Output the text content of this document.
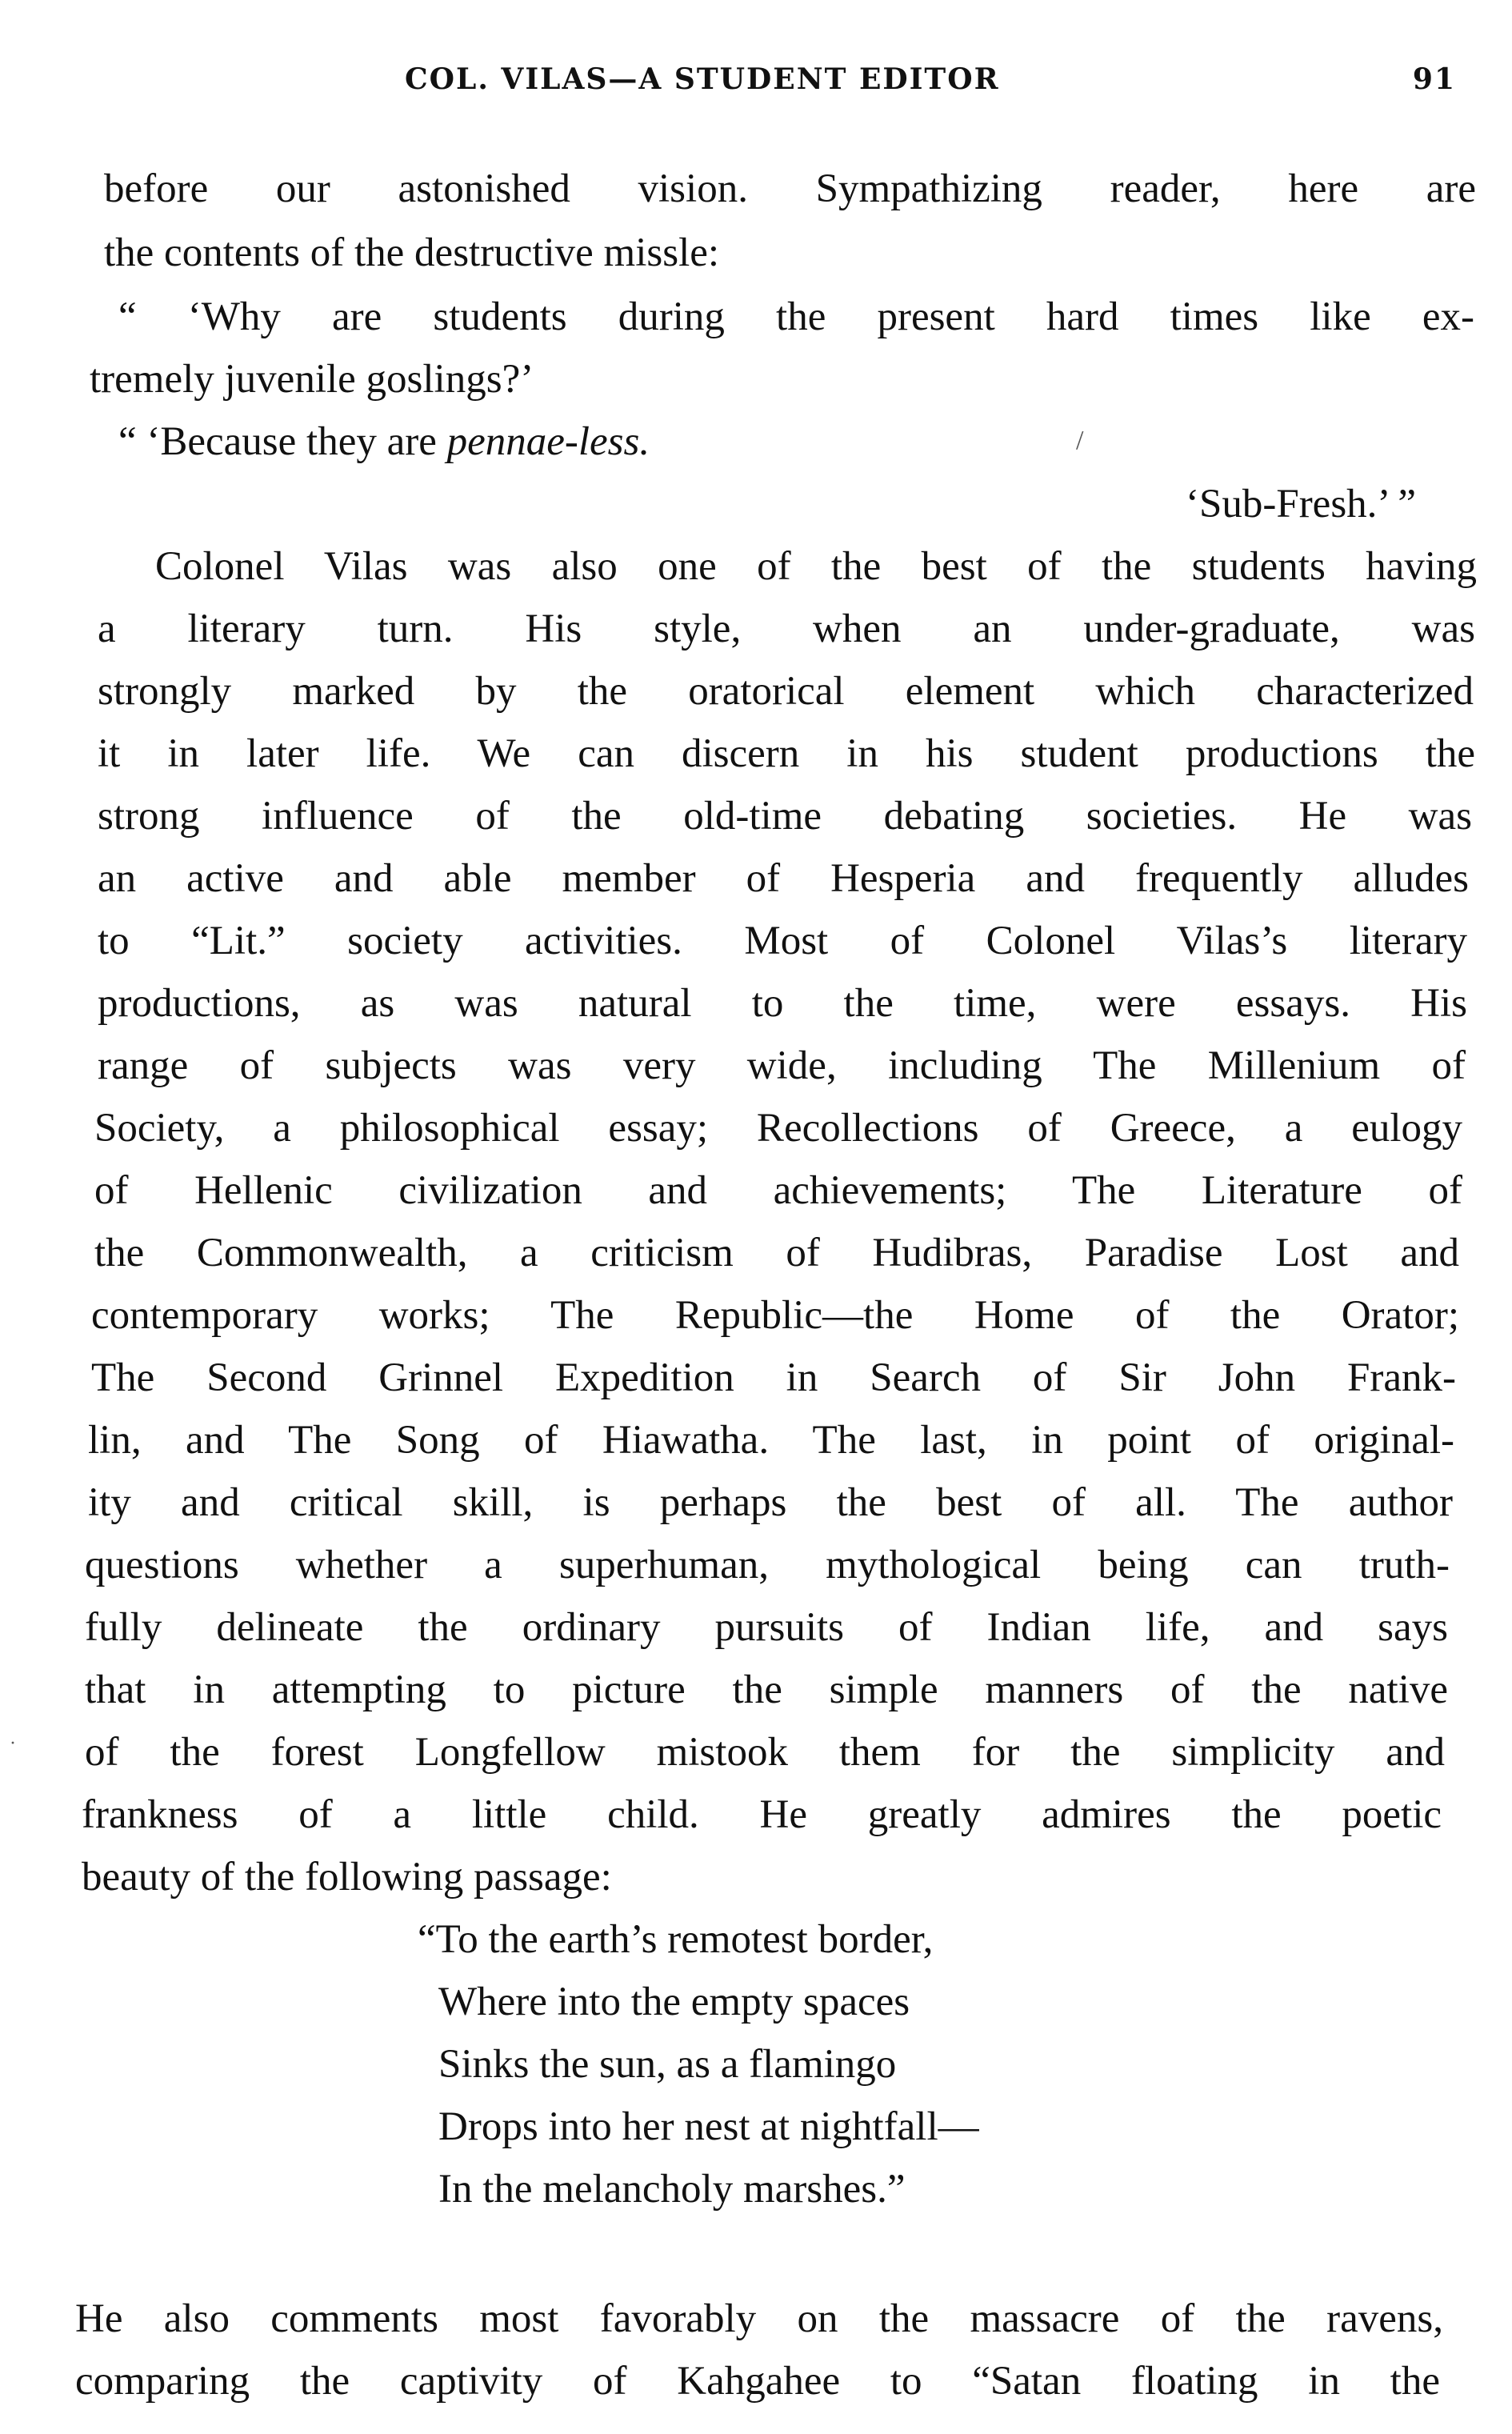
COL. VILAS—A STUDENT EDITOR	91
before our astonished vision. Sympathizing reader, here are
the contents of the destructive missle:
“ ‘Why are students during the present hard times like ex-
tremely juvenile goslings?’
“ ‘Because they are pennae-less.	/
‘Sub-Fresh.’ ”
Colonel Vilas was also one of the best of the students having
a literary turn. His style, when an under-graduate, was
strongly marked by the oratorical element which characterized
it in later life. We can discern in his student productions the
strong influence of the old-time debating societies. He was
an active and able member of Hesperia and frequently alludes
to “Lit.” society activities. Most of Colonel Vilas’s literary
productions, as was natural to the time, were essays. His
range of subjects was very wide, including The Millenium of
Society, a philosophical essay; Recollections of Greece, a eulogy
of Hellenic civilization and achievements; The Literature of
the Commonwealth, a criticism of Hudibras, Paradise Lost and
contemporary works; The Republic—the Home of the Orator;
The Second Grinnel Expedition in Search of Sir John Frank-
lin, and The Song of Hiawatha. The last, in point of original-
ity and critical skill, is perhaps the best of all. The author
questions whether a superhuman, mythological being can truth-
fully delineate the ordinary pursuits of Indian life, and says
that in attempting to picture the simple manners of the native
of the forest Longfellow mistook them for the simplicity and
frankness of a little child. He greatly admires the poetic
beauty of the following passage:
·
“To the earth’s remotest border,
Where into the empty spaces
Sinks the sun, as a flamingo
Drops into her nest at nightfall—
In the melancholy marshes.”
He also comments most favorably on the massacre of the ravens,
comparing the captivity of Kahgahee to “Satan floating in the
